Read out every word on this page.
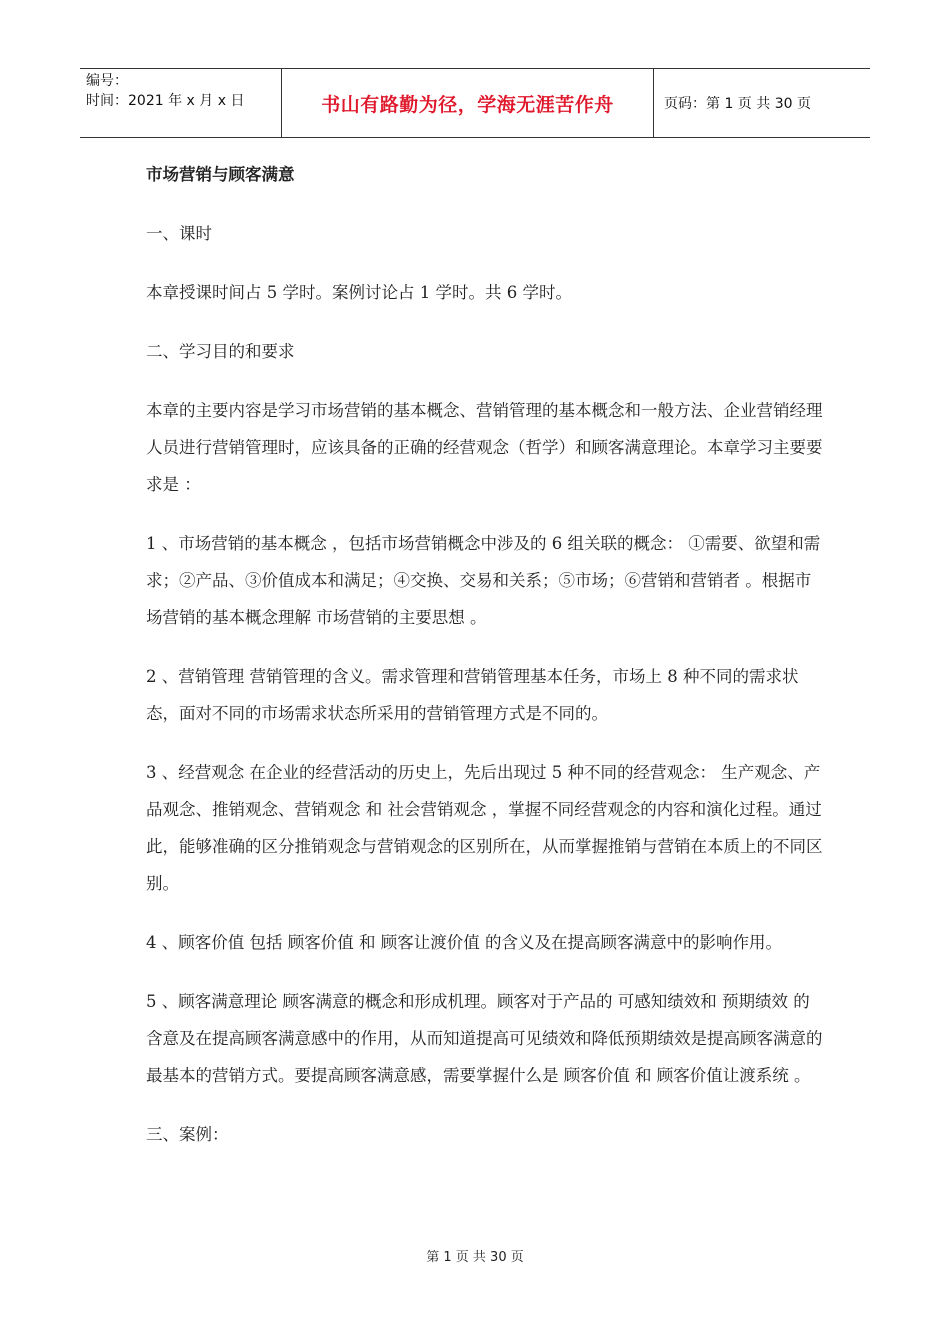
编号：
时间：2021 年 x 月 x 日	书山有路勤为径，学海无涯苦作舟	页码：第 1 页 共 30 页

市场营销与顾客满意

一、课时

本章授课时间占 5 学时。案例讨论占 1 学时。共 6 学时。

二、学习目的和要求

本章的主要内容是学习市场营销的基本概念、营销管理的基本概念和一般方法、企业营销经理人员进行营销管理时，应该具备的正确的经营观念（哲学）和顾客满意理论。本章学习主要要求是 ：

1 、市场营销的基本概念 ，包括市场营销概念中涉及的 6 组关联的概念： ①需要、欲望和需求；②产品、③价值成本和满足；④交换、交易和关系；⑤市场；⑥营销和营销者 。根据市场营销的基本概念理解 市场营销的主要思想 。

2 、营销管理 营销管理的含义。需求管理和营销管理基本任务，市场上 8 种不同的需求状态，面对不同的市场需求状态所采用的营销管理方式是不同的。

3 、经营观念 在企业的经营活动的历史上，先后出现过 5 种不同的经营观念： 生产观念、产品观念、推销观念、营销观念 和 社会营销观念 ，掌握不同经营观念的内容和演化过程。通过此，能够准确的区分推销观念与营销观念的区别所在，从而掌握推销与营销在本质上的不同区别。

4 、顾客价值 包括 顾客价值 和 顾客让渡价值 的含义及在提高顾客满意中的影响作用。

5 、顾客满意理论 顾客满意的概念和形成机理。顾客对于产品的 可感知绩效和 预期绩效 的含意及在提高顾客满意感中的作用，从而知道提高可见绩效和降低预期绩效是提高顾客满意的最基本的营销方式。要提高顾客满意感，需要掌握什么是 顾客价值 和 顾客价值让渡系统 。

三、案例：

第 1 页 共 30 页
